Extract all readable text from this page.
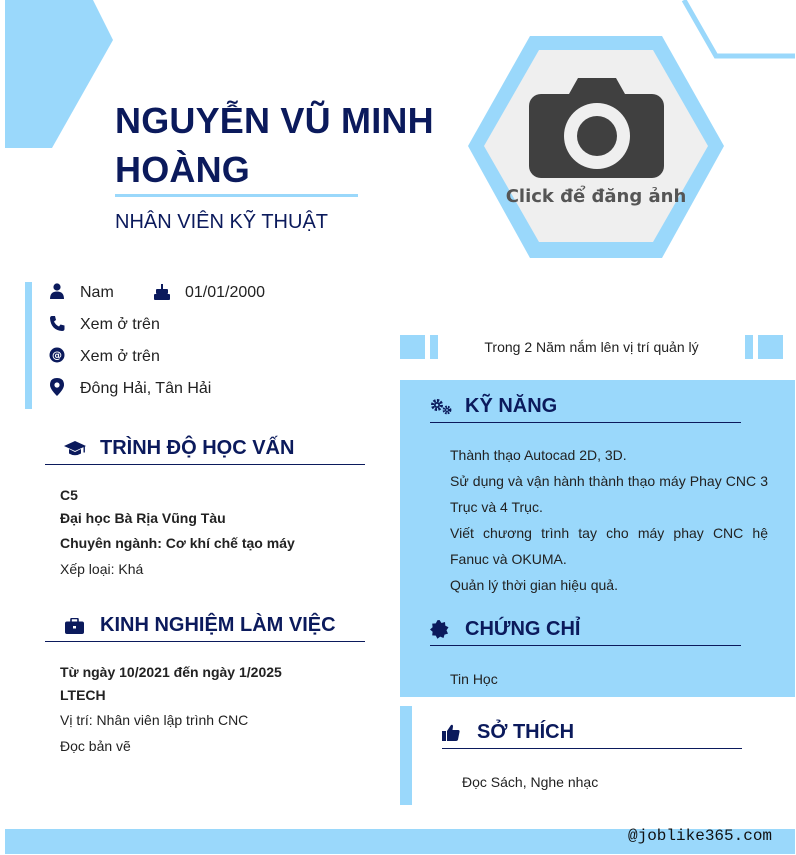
Click để đăng ảnh
NGUYỄN VŨ MINH HOÀNG
NHÂN VIÊN KỸ THUẬT
Nam	01/01/2000
Xem ở trên
@ Xem ở trên
Đông Hải, Tân Hải
Trong 2 Năm nắm lên vị trí quản lý
TRÌNH ĐỘ HỌC VẤN
C5
Đại học Bà Rịa Vũng Tàu
Chuyên ngành: Cơ khí chế tạo máy
Xếp loại: Khá
KINH NGHIỆM LÀM VIỆC
Từ ngày 10/2021 đến ngày 1/2025
LTECH
Vị trí: Nhân viên lập trình CNC
Đọc bản vẽ
KỸ NĂNG
Thành thạo Autocad 2D, 3D.
Sử dụng và vận hành thành thạo máy Phay CNC 3 Trục và 4 Trục.
Viết chương trình tay cho máy phay CNC hệ Fanuc và OKUMA.
Quản lý thời gian hiệu quả.
CHỨNG CHỈ
Tin Học
SỞ THÍCH
Đọc Sách, Nghe nhạc
@joblike365.com
